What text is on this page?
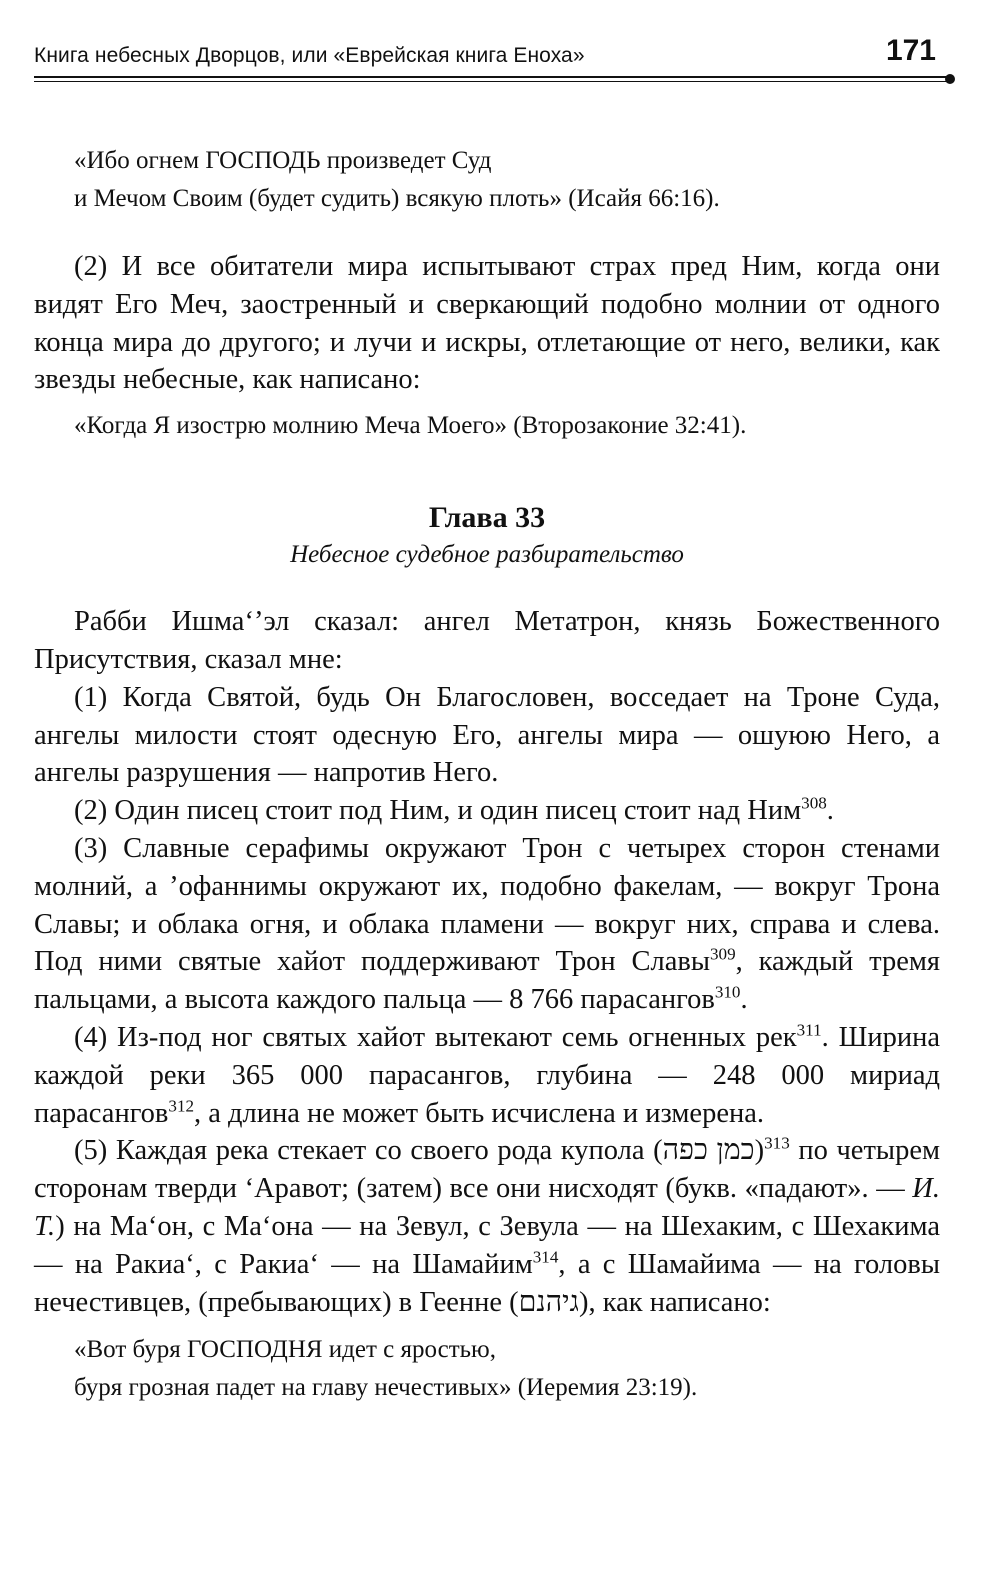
Книга небесных Дворцов, или «Еврейская книга Еноха»	171
«Ибо огнем ГОСПОДЬ произведет Суд
и Мечом Своим (будет судить) всякую плоть» (Исайя 66:16).

(2) И все обитатели мира испытывают страх пред Ним, когда они видят Его Меч, заостренный и сверкающий подобно молнии от одного конца мира до другого; и лучи и искры, отлетающие от него, велики, как звезды небесные, как написано:

«Когда Я изострю молнию Меча Моего» (Второзаконие 32:41).
Глава 33
Небесное судебное разбирательство

Рабби Ишма‘’эл сказал: ангел Метатрон, князь Божественного Присутствия, сказал мне:

(1) Когда Святой, будь Он Благословен, восседает на Троне Суда, ангелы милости стоят одесную Его, ангелы мира — ошуюю Него, а ангелы разрушения — напротив Него.

(2) Один писец стоит под Ним, и один писец стоит над Ним$^{308}$.

(3) Славные серафимы окружают Трон с четырех сторон стенами молний, а ’офаннимы окружают их, подобно факелам, — вокруг Трона Славы; и облака огня, и облака пламени — вокруг них, справа и слева. Под ними святые хайот поддерживают Трон Славы$^{309}$, каждый тремя пальцами, а высота каждого пальца — 8 766 парасангов$^{310}$.

(4) Из-под ног святых хайот вытекают семь огненных рек$^{311}$. Ширина каждой реки 365 000 парасангов, глубина — 248 000 мириад парасангов$^{312}$, а длина не может быть исчислена и измерена.

(5) Каждая река стекает со своего рода купола (כמן כפה)$^{313}$ по четырем сторонам тверди ‘Аравот; (затем) все они нисходят (букв. «падают». — И. Т.) на Ма‘он, с Ма‘она — на Зевул, с Зевула — на Шехаким, с Шехакима — на Ракиа‘, с Ракиа‘ — на Шамайим$^{314}$, а с Шамайима — на головы нечестивцев, (пребывающих) в Геенне (גיהנם), как написано:

«Вот буря ГОСПОДНЯ идет с яростью,
буря грозная падет на главу нечестивых» (Иеремия 23:19).
